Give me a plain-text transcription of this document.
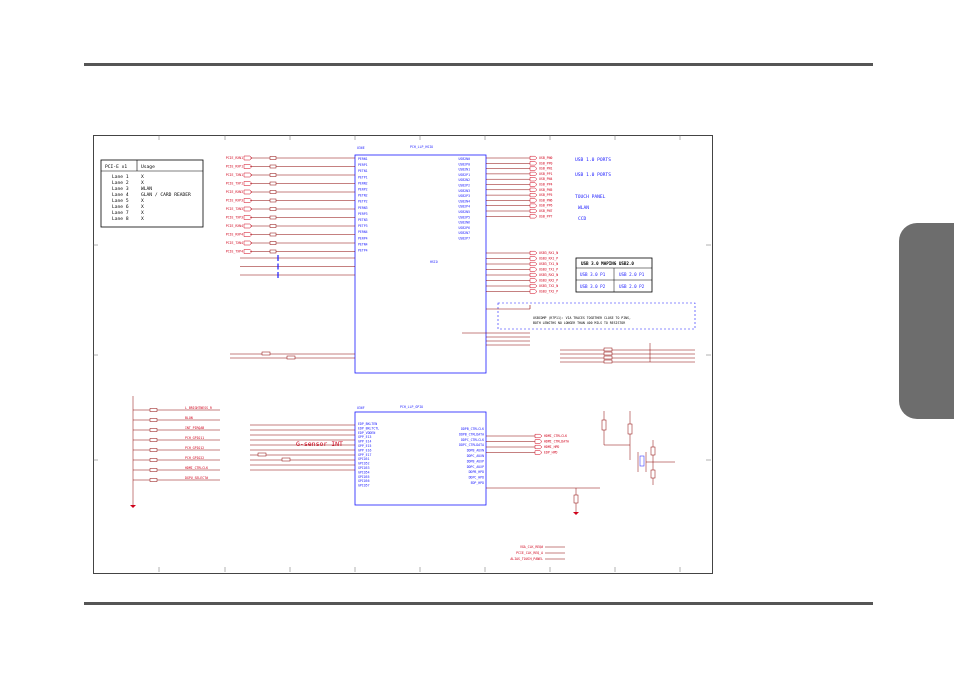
PCI-E x1	Usage
Lane 1	X
Lane 2	X
Lane 3	WLAN
Lane 4	GLAN / CARD READER
Lane 5	X
Lane 6	X
Lane 7	X
Lane 8	X
U36E	PCH_LLP_HSIO
HSIO
PERN1
PERP1
PETN1
PETP1
PERN2
PERP2
PETN2
PETP2
PERN3
PERP3
PETN3
PETP3
PERN4
PERP4
PETN4
PETP4
USB2N0
USB2P0
USB2N1
USB2P1
USB2N2
USB2P2
USB2N3
USB2P3
USB2N4
USB2P4
USB2N5
USB2P5
USB2N6
USB2P6
USB2N7
USB2P7
PCIE_RXN1
PCIE_RXP1
PCIE_TXN1
PCIE_TXP1
PCIE_RXN3
PCIE_RXP3
PCIE_TXN3
PCIE_TXP3
PCIE_RXN4
PCIE_RXP4
PCIE_TXN4
PCIE_TXP4
USB_PN0
USB_PP0
USB_PN1
USB_PP1
USB_PN4
USB_PP4
USB_PN5
USB_PP5
USB_PN6
USB_PP6
USB_PN7
USB_PP7
USB3_RX1_N
USB3_RX1_P
USB3_TX1_N
USB3_TX1_P
USB3_RX2_N
USB3_RX2_P
USB3_TX2_N
USB3_TX2_P
USB 1.0 PORTS
USB 1.0 PORTS
TOUCH PANEL
WLAN
CCD
USB 3.0 MAPING USB2.0
USB 3.0 P1	USB 2.0 P1
USB 3.0 P2	USB 2.0 P2
USBCOMP (R7P11): VIA TRACES TOGETHER CLOSE TO PINS,
BOTH LENGTHS NO LONGER THAN 400 MILS TO RESISTOR
U36F	PCH_LLP_GPIO
EDP_BKLTEN
EDP_BKLTCTL
EDP_VDDEN
GPP_E13
GPP_E14
GPP_E15
GPP_E16
GPP_E17
GPIO51
GPIO52
GPIO53
GPIO54
GPIO55
GPIO56
GPIO57
DDPB_CTRLCLK
DDPB_CTRLDATA
DDPC_CTRLCLK
DDPC_CTRLDATA
DDPB_AUXN
DDPC_AUXN
DDPB_AUXP
DDPC_AUXP
DDPB_HPD
DDPC_HPD
EDP_HPD
G-sensor INT
L_BRIGHTNESS_R
BLON
INT_PIRQAB
PCH_GPIO11
PCH_GPIO12
PCH_GPIO22
HDMI_CTRLCLK
DGPU_SELECT#
HDMI_CTRLCLK
HDMI_CTRLDATA
HDMI_HPD
EDP_HPD
VGA_CLK_REQ#
PCIE_CLK_REQ_A
ALIAS_TOUCH_PANEL
